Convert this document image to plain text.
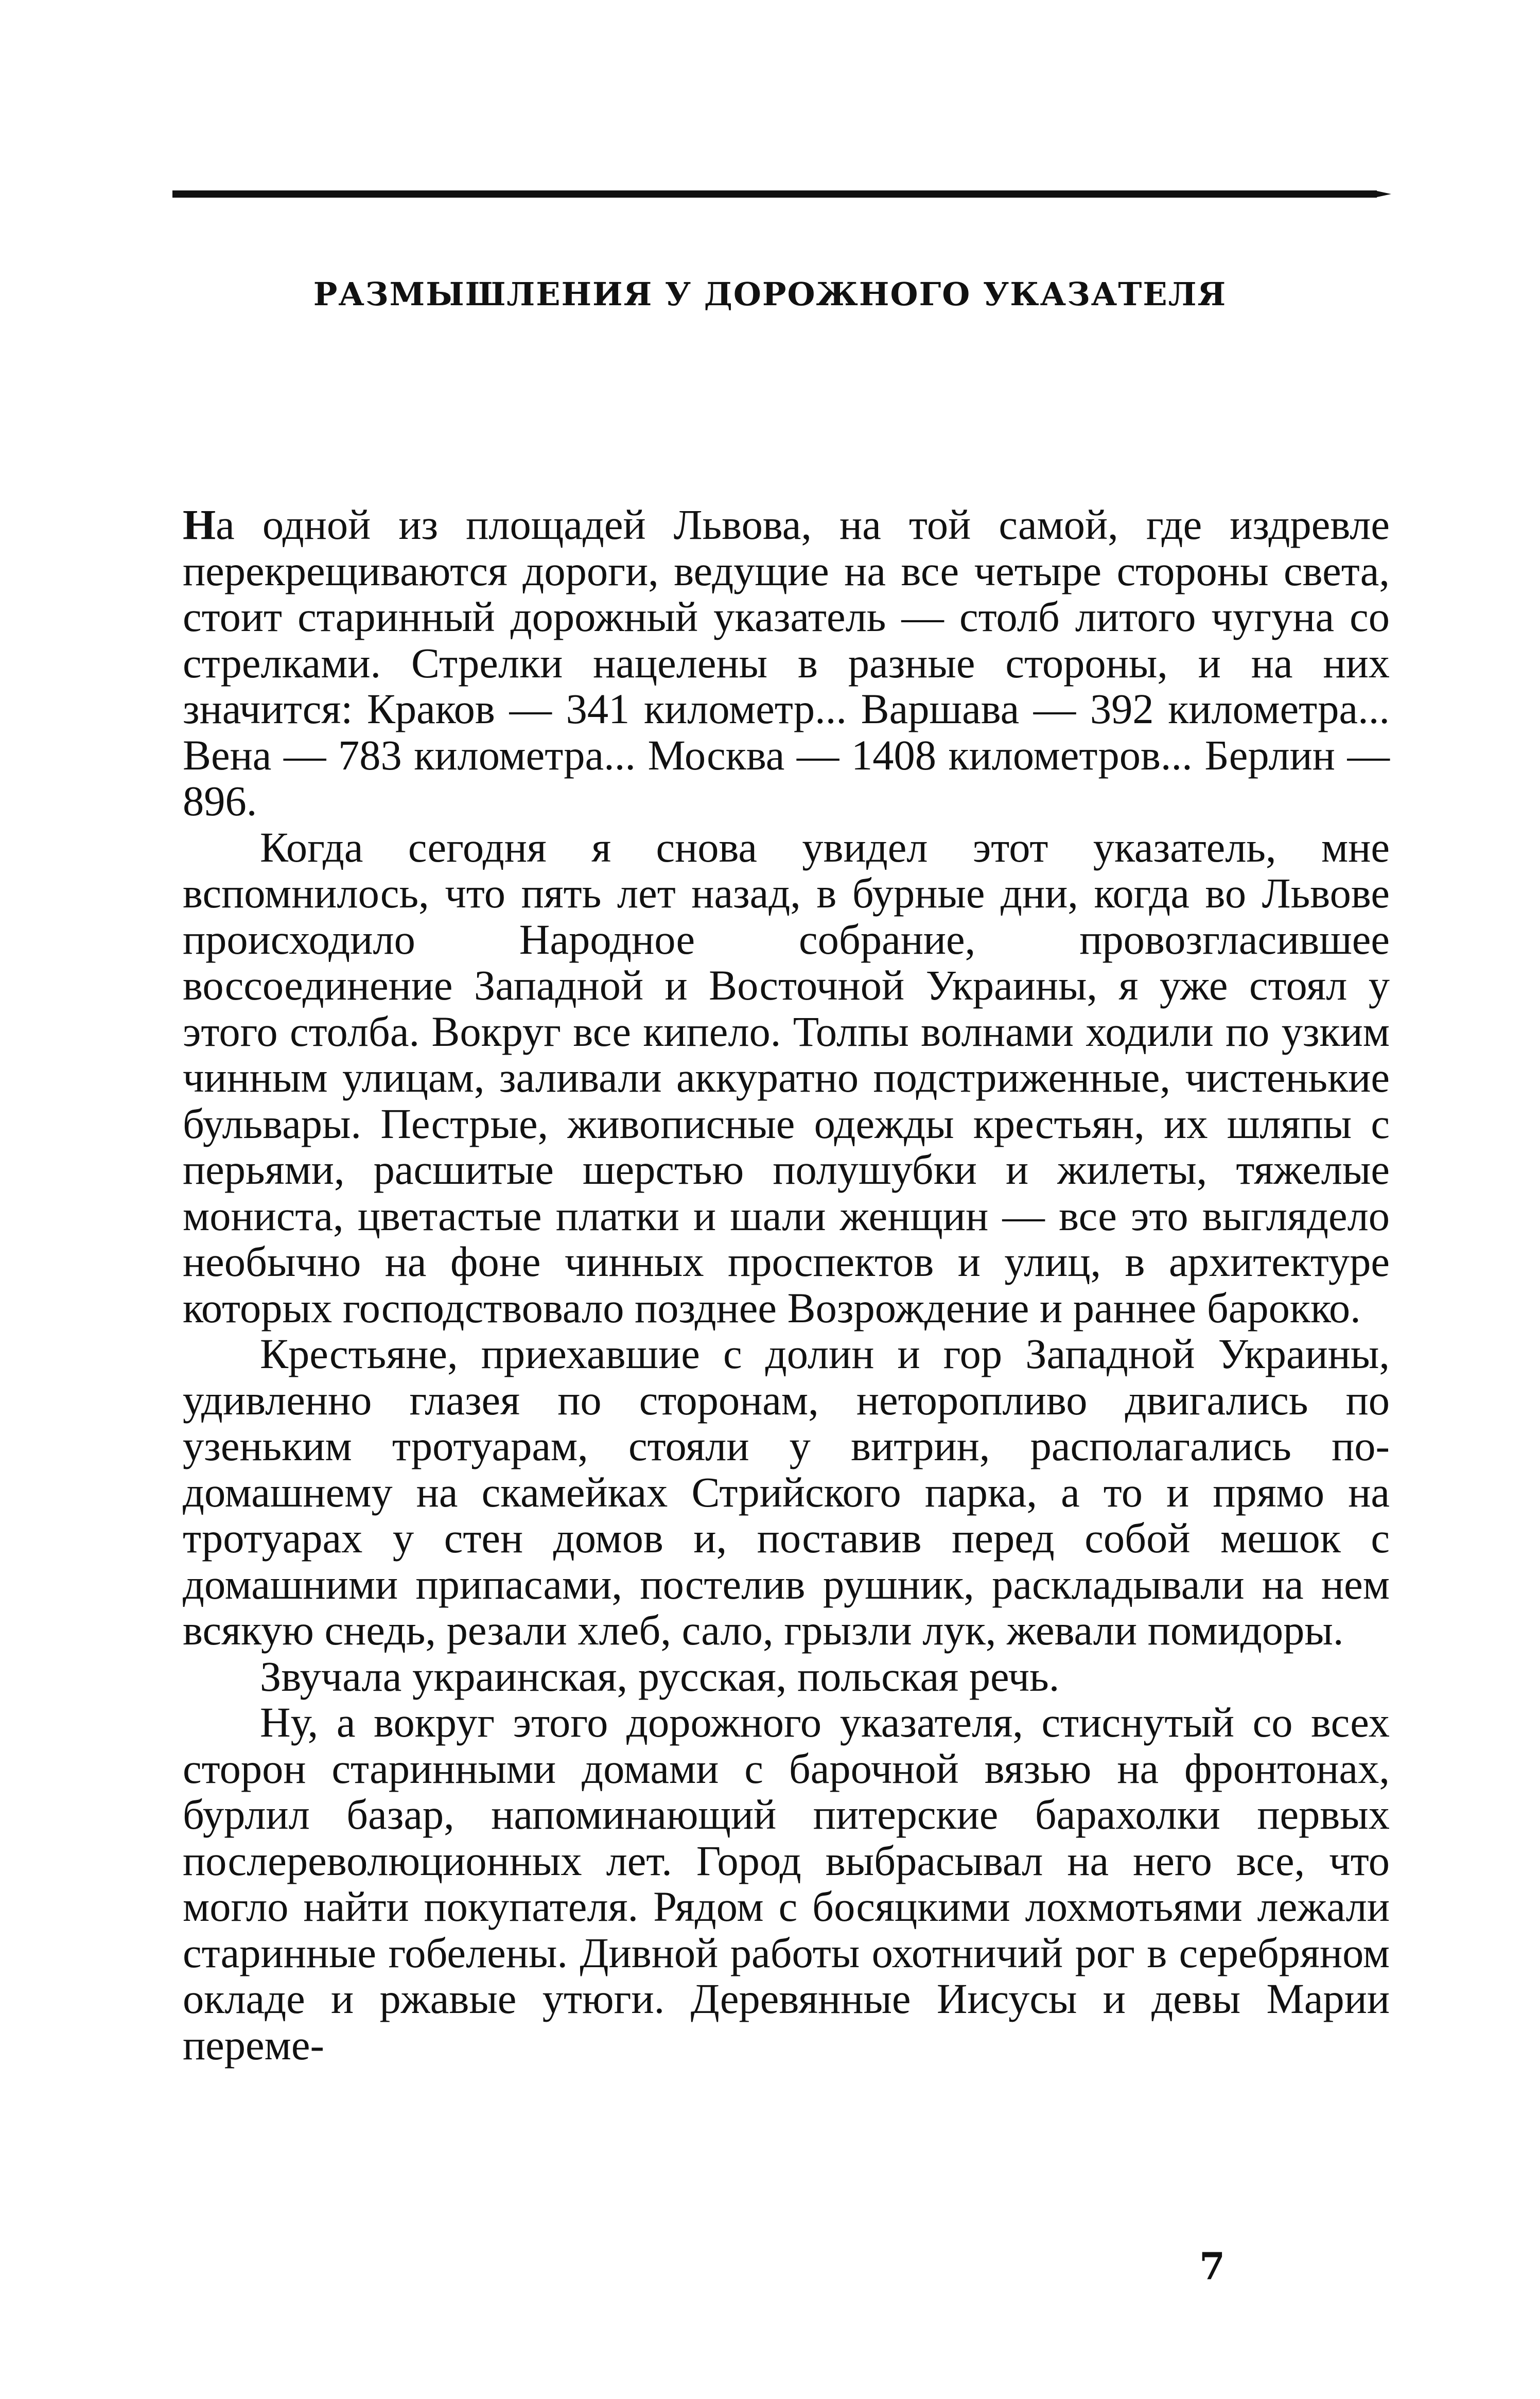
РАЗМЫШЛЕНИЯ У ДОРОЖНОГО УКАЗАТЕЛЯ

На одной из площадей Львова, на той самой, где издревле перекрещиваются дороги, ведущие на все четыре стороны света, стоит старинный дорожный указатель — столб литого чугуна со стрелками. Стрелки нацелены в разные стороны, и на них значится: Краков — 341 километр... Варшава — 392 километра... Вена — 783 километра... Москва — 1408 километров... Берлин — 896.

Когда сегодня я снова увидел этот указатель, мне вспомнилось, что пять лет назад, в бурные дни, когда во Львове происходило Народное собрание, провозгласившее воссоединение Западной и Восточной Украины, я уже стоял у этого столба. Вокруг все кипело. Толпы волнами ходили по узким чинным улицам, заливали аккуратно подстриженные, чистенькие бульвары. Пестрые, живописные одежды крестьян, их шляпы с перьями, расшитые шерстью полушубки и жилеты, тяжелые мониста, цветастые платки и шали женщин — все это выглядело необычно на фоне чинных проспектов и улиц, в архитектуре которых господствовало позднее Возрождение и раннее барокко.

Крестьяне, приехавшие с долин и гор Западной Украины, удивленно глазея по сторонам, неторопливо двигались по узеньким тротуарам, стояли у витрин, располагались по-домашнему на скамейках Стрийского парка, а то и прямо на тротуарах у стен домов и, поставив перед собой мешок с домашними припасами, постелив рушник, раскладывали на нем всякую снедь, резали хлеб, сало, грызли лук, жевали помидоры.

Звучала украинская, русская, польская речь.

Ну, а вокруг этого дорожного указателя, стиснутый со всех сторон старинными домами с барочной вязью на фронтонах, бурлил базар, напоминающий питерские барахолки первых послереволюционных лет. Город выбрасывал на него все, что могло найти покупателя. Рядом с босяцкими лохмотьями лежали старинные гобелены. Дивной работы охотничий рог в серебряном окладе и ржавые утюги. Деревянные Иисусы и девы Марии переме-

7
